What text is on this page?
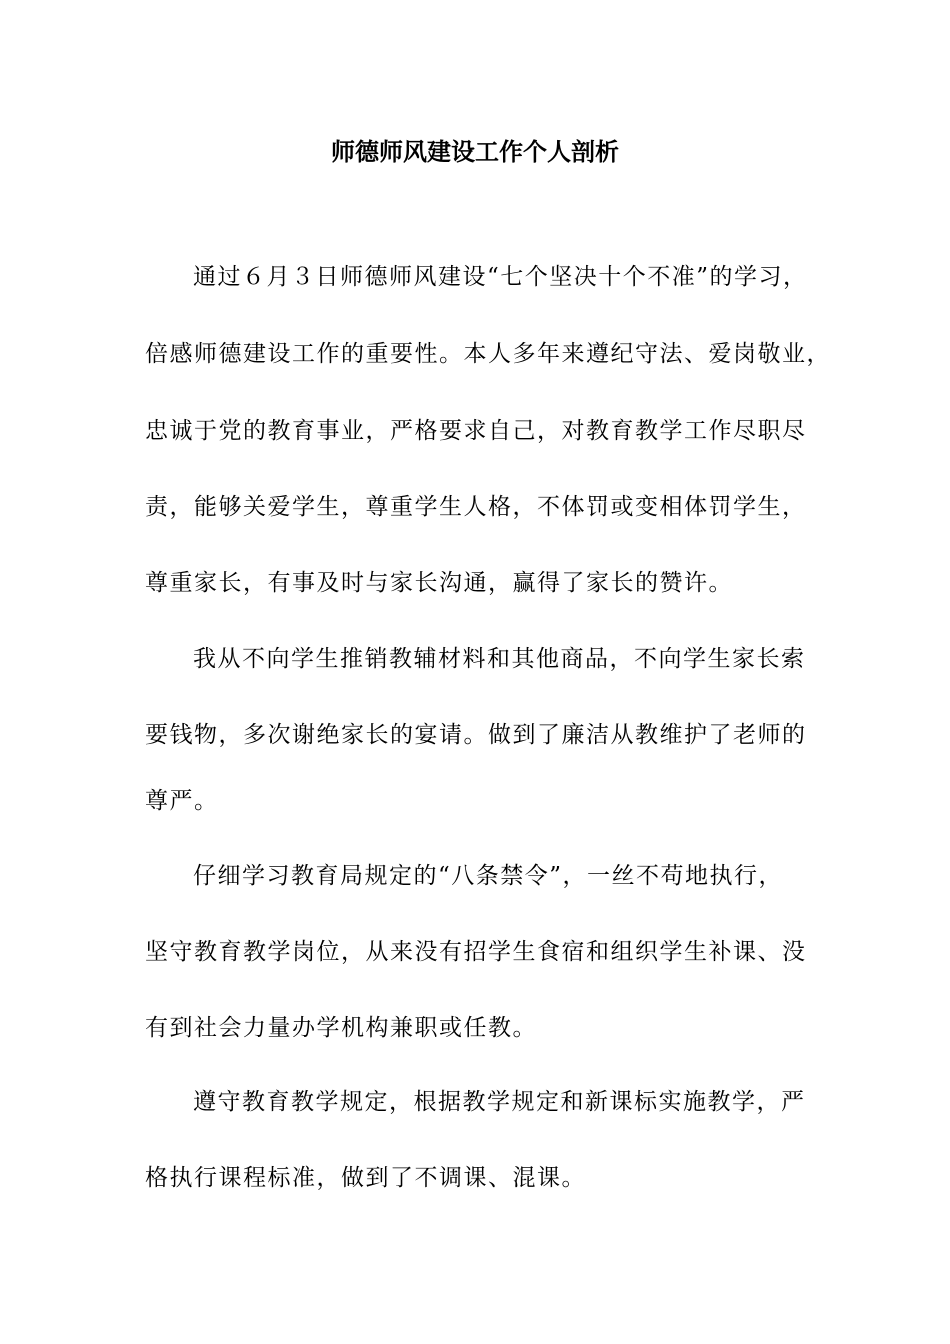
师德师风建设工作个人剖析
通过６月３日师德师风建设“七个坚决十个不准”的学习，
倍感师德建设工作的重要性。本人多年来遵纪守法、爱岗敬业，
忠诚于党的教育事业，严格要求自己，对教育教学工作尽职尽
责，能够关爱学生，尊重学生人格，不体罚或变相体罚学生，
尊重家长，有事及时与家长沟通，赢得了家长的赞许。
我从不向学生推销教辅材料和其他商品，不向学生家长索
要钱物，多次谢绝家长的宴请。做到了廉洁从教维护了老师的
尊严。
仔细学习教育局规定的“八条禁令”，一丝不苟地执行，
坚守教育教学岗位，从来没有招学生食宿和组织学生补课、没
有到社会力量办学机构兼职或任教。
遵守教育教学规定，根据教学规定和新课标实施教学，严
格执行课程标准，做到了不调课、混课。
